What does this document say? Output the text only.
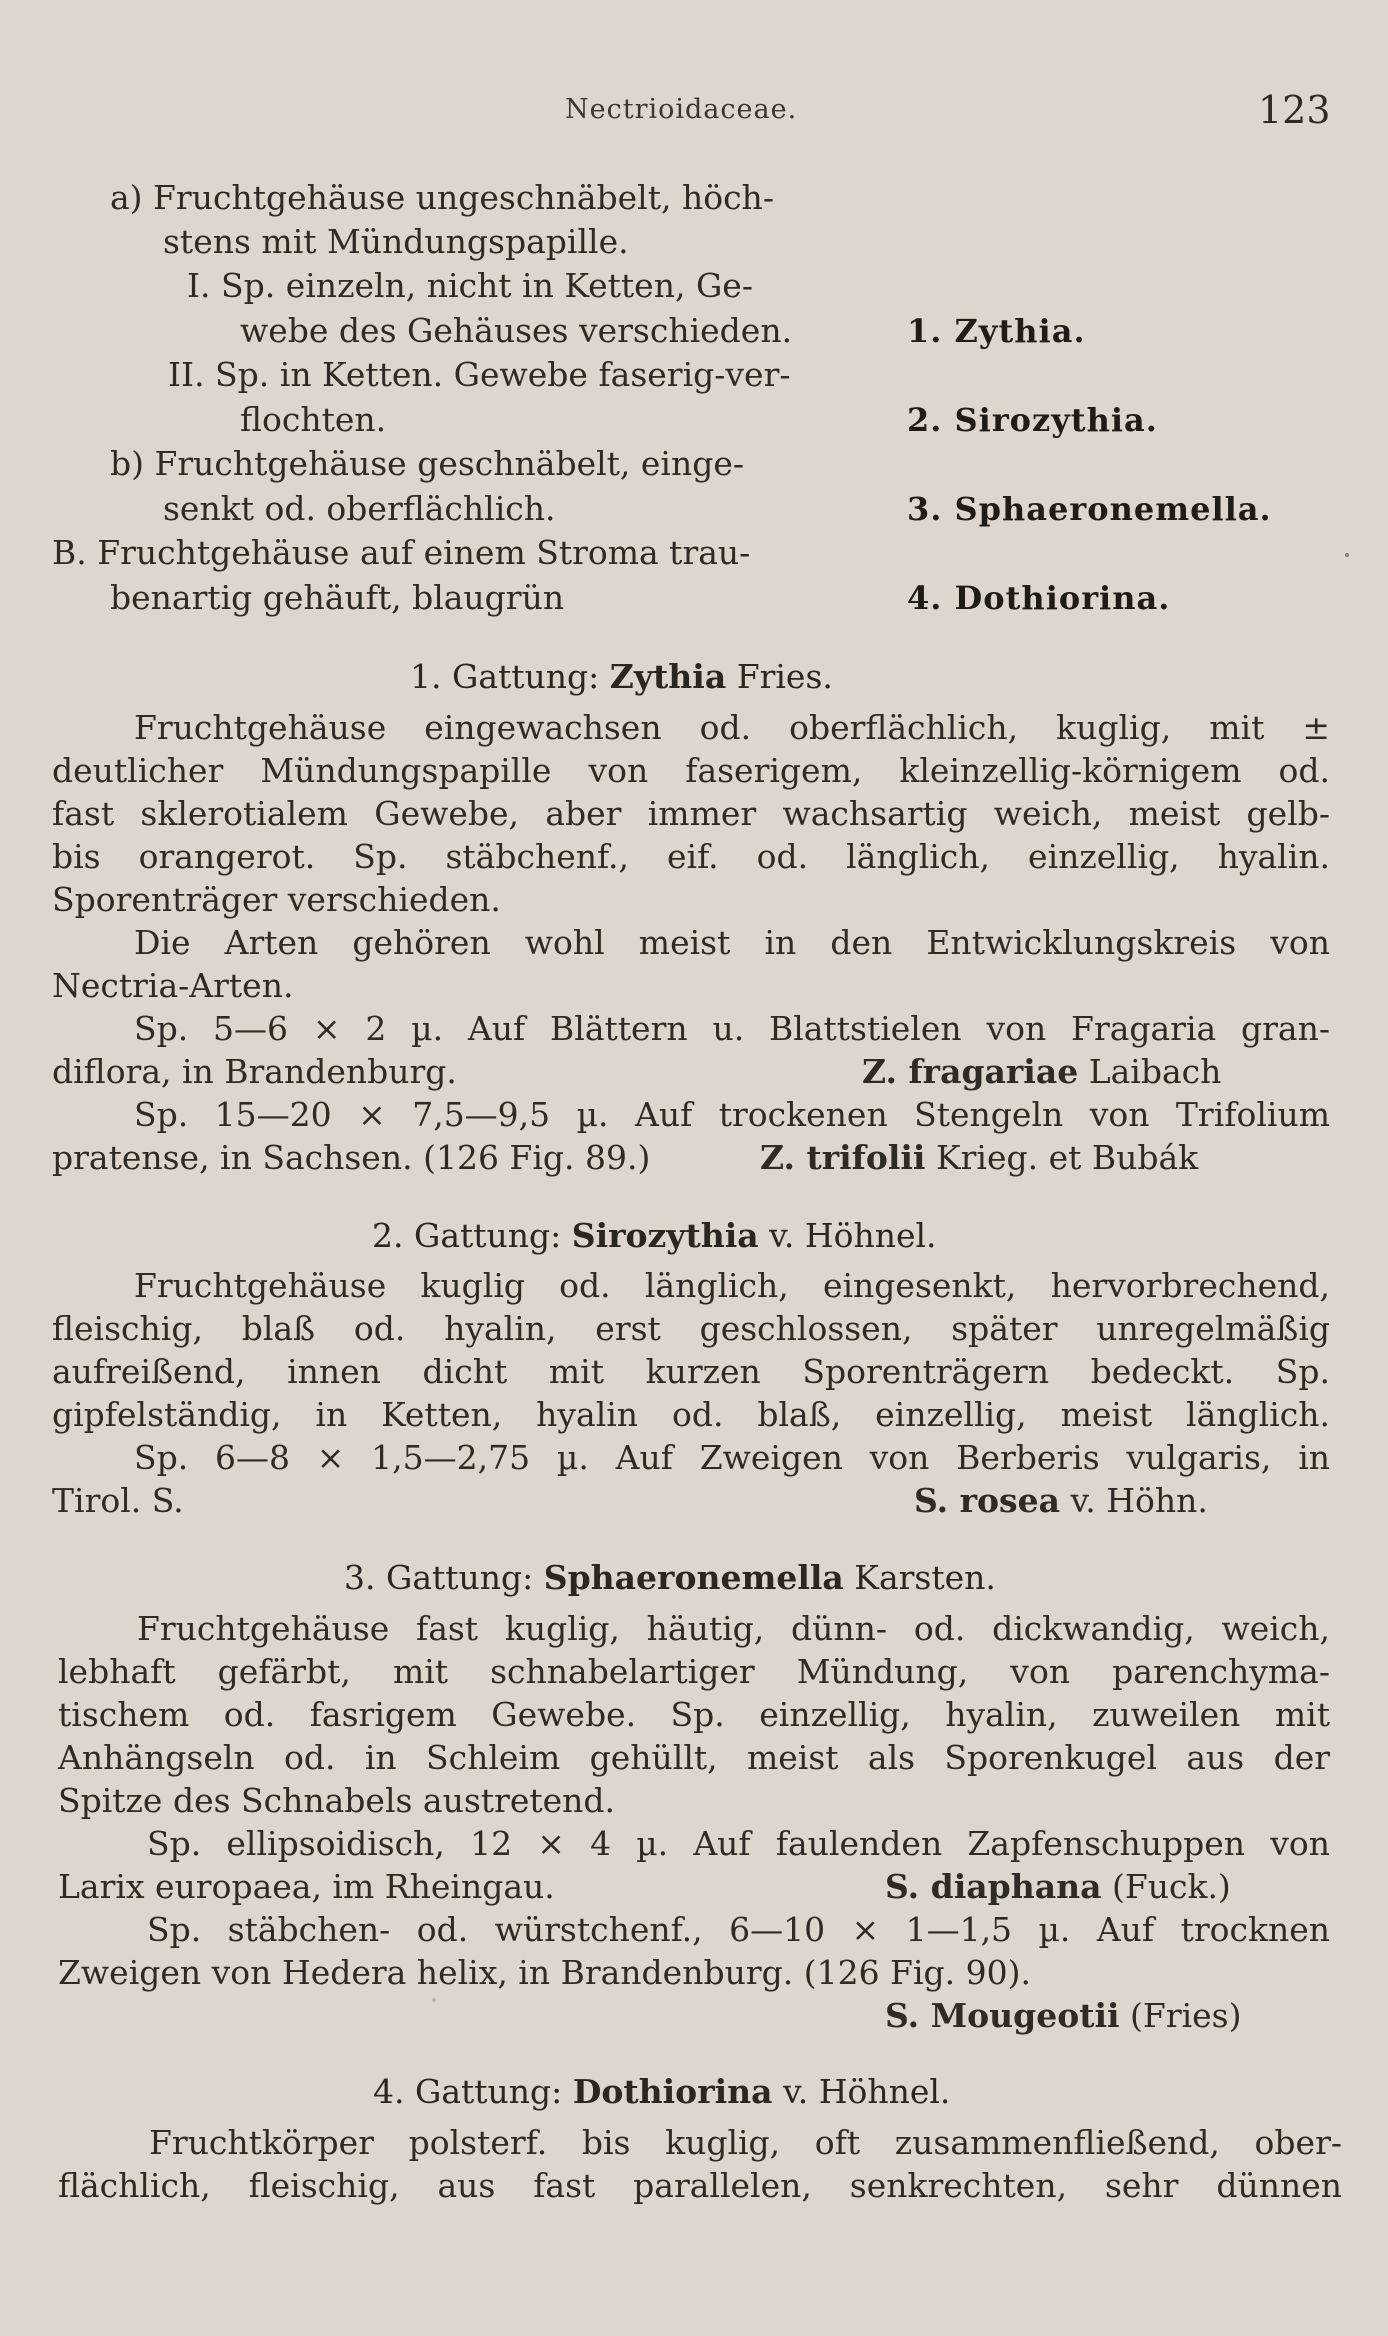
Nectrioidaceae.	123
a) Fruchtgehäuse ungeschnäbelt, höch-
stens mit Mündungspapille.
I. Sp. einzeln, nicht in Ketten, Ge-
webe des Gehäuses verschieden.	1. Zythia.
II. Sp. in Ketten. Gewebe faserig-ver-
flochten.	2. Sirozythia.
b) Fruchtgehäuse geschnäbelt, einge-
senkt od. oberflächlich.	3. Sphaeronemella.
B. Fruchtgehäuse auf einem Stroma trau-
benartig gehäuft, blaugrün	4. Dothiorina.
1. Gattung: Zythia Fries.
Fruchtgehäuse eingewachsen od. oberflächlich, kuglig, mit ±
deutlicher Mündungspapille von faserigem, kleinzellig-körnigem od.
fast sklerotialem Gewebe, aber immer wachsartig weich, meist gelb-
bis orangerot. Sp. stäbchenf., eif. od. länglich, einzellig, hyalin.
Sporenträger verschieden.
Die Arten gehören wohl meist in den Entwicklungskreis von
Nectria-Arten.
Sp. 5—6 × 2 µ. Auf Blättern u. Blattstielen von Fragaria gran-
diflora, in Brandenburg.	Z. fragariae Laibach
Sp. 15—20 × 7,5—9,5 µ. Auf trockenen Stengeln von Trifolium
pratense, in Sachsen. (126 Fig. 89.)	Z. trifolii Krieg. et Bubák
2. Gattung: Sirozythia v. Höhnel.
Fruchtgehäuse kuglig od. länglich, eingesenkt, hervorbrechend,
fleischig, blaß od. hyalin, erst geschlossen, später unregelmäßig
aufreißend, innen dicht mit kurzen Sporenträgern bedeckt. Sp.
gipfelständig, in Ketten, hyalin od. blaß, einzellig, meist länglich.
Sp. 6—8 × 1,5—2,75 µ. Auf Zweigen von Berberis vulgaris, in
Tirol. S.	S. rosea v. Höhn.
3. Gattung: Sphaeronemella Karsten.
Fruchtgehäuse fast kuglig, häutig, dünn- od. dickwandig, weich,
lebhaft gefärbt, mit schnabelartiger Mündung, von parenchyma-
tischem od. fasrigem Gewebe. Sp. einzellig, hyalin, zuweilen mit
Anhängseln od. in Schleim gehüllt, meist als Sporenkugel aus der
Spitze des Schnabels austretend.
Sp. ellipsoidisch, 12 × 4 µ. Auf faulenden Zapfenschuppen von
Larix europaea, im Rheingau.	S. diaphana (Fuck.)
Sp. stäbchen- od. würstchenf., 6—10 × 1—1,5 µ. Auf trocknen
Zweigen von Hedera helix, in Brandenburg. (126 Fig. 90).
S. Mougeotii (Fries)
4. Gattung: Dothiorina v. Höhnel.
Fruchtkörper polsterf. bis kuglig, oft zusammenfließend, ober-
flächlich, fleischig, aus fast parallelen, senkrechten, sehr dünnen
